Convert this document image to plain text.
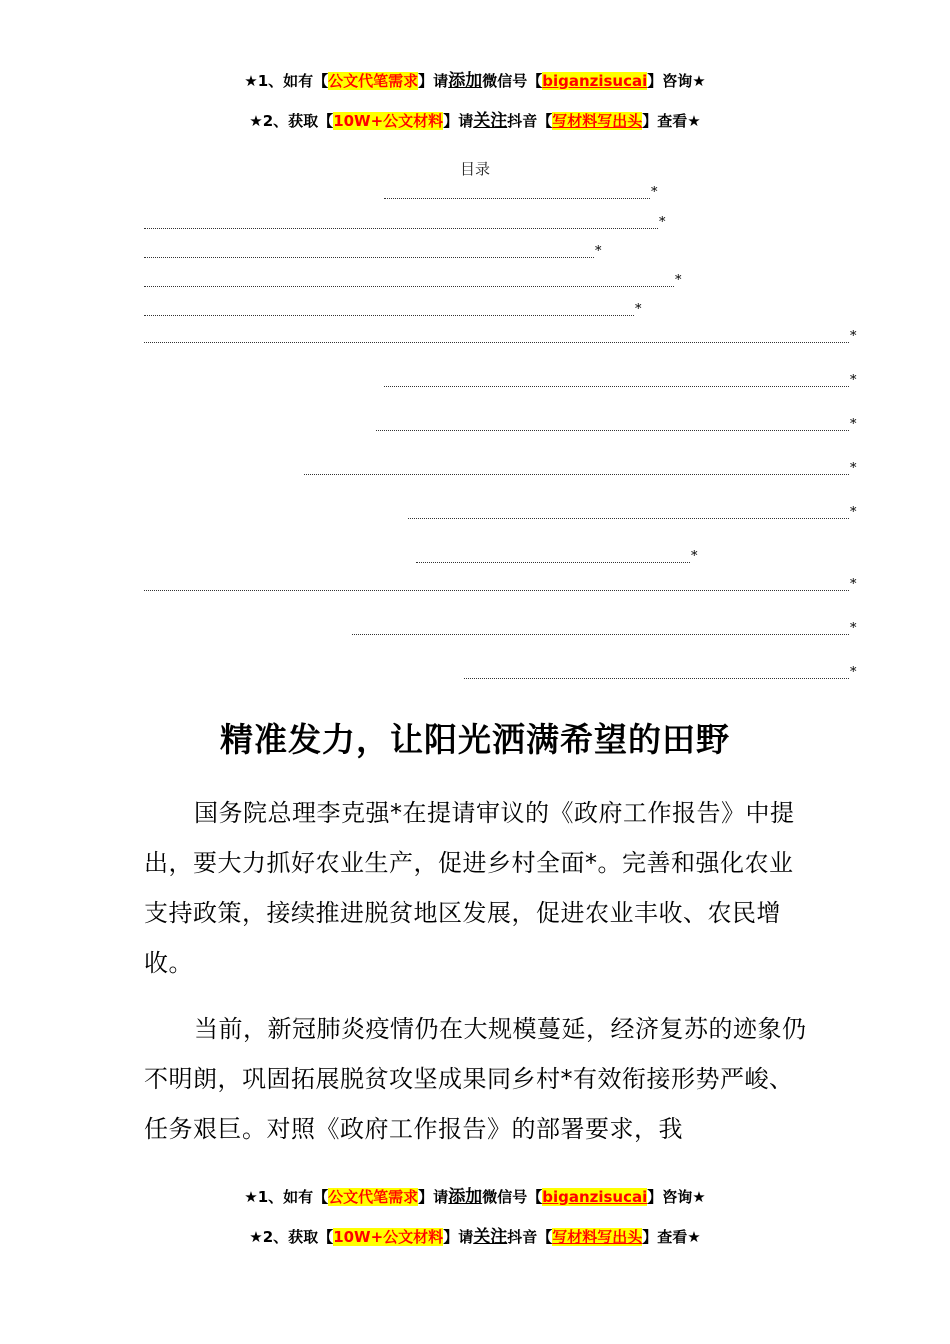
★1、如有【公文代笔需求】请添加微信号【biganzisucai】咨询★
★2、获取【10W+公文材料】请关注抖音【写材料写出头】查看★
目录
*
*
*
*
*
*
*
*
*
*
*
*
*
*
精准发力，让阳光洒满希望的田野

国务院总理李克强*在提请审议的《政府工作报告》中提出，要大力抓好农业生产，促进乡村全面*。完善和强化农业支持政策，接续推进脱贫地区发展，促进农业丰收、农民增收。

当前，新冠肺炎疫情仍在大规模蔓延，经济复苏的迹象仍不明朗，巩固拓展脱贫攻坚成果同乡村*有效衔接形势严峻、任务艰巨。对照《政府工作报告》的部署要求，我

★1、如有【公文代笔需求】请添加微信号【biganzisucai】咨询★
★2、获取【10W+公文材料】请关注抖音【写材料写出头】查看★
